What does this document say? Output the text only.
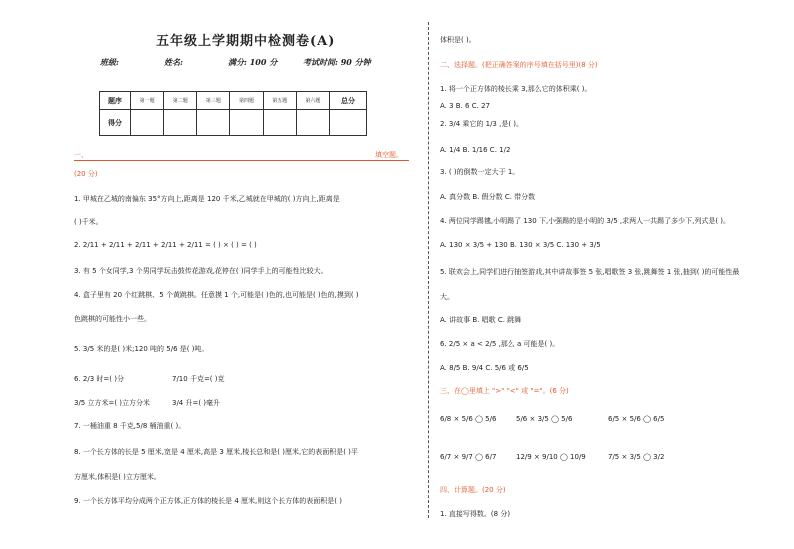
五年级上学期期中检测卷(A)
班级:	姓名:	满分: 100 分	考试时间: 90 分钟
题序	第一题	第二题	第三题	第四题	第五题	第六题	总分
得分							
一、	填空题。
(20 分)
1. 甲城在乙城的南偏东 35°方向上,距离是 120 千米,乙城就在甲城的( )方向上,距离是
( )千米。
2. 2/11 + 2/11 + 2/11 + 2/11 + 2/11 = ( ) × ( ) = ( )
3. 有 5 个女同学,3 个男同学玩击鼓传花游戏,花停在( )同学手上的可能性比较大。
4. 盒子里有 20 个红跳棋、5 个黄跳棋。任意摸 1 个,可能是( )色的,也可能是( )色的,摸到( )
色跳棋的可能性小一些。
5. 3/5 米的是( )米;120 吨的 5/6 是( )吨。
6. 2/3 时=( )分	7/10 千克=( )克
3/5 立方米=( )立方分米	3/4 升=( )毫升
7. 一桶油重 8 千克,5/8 桶油重( )。
8. 一个长方体的长是 5 厘米,宽是 4 厘米,高是 3 厘米,棱长总和是( )厘米,它的表面积是( )平
方厘米,体积是( )立方厘米。
9. 一个长方体平均分成两个正方体,正方体的棱长是 4 厘米,则这个长方体的表面积是( )
体积是( )。
二、选择题。(把正确答案的序号填在括号里)(8 分)
1. 将一个正方体的棱长乘 3,那么它的体积乘( )。
A. 3 B. 6 C. 27
2. 3/4 乘它的 1/3 ,是( )。
A. 1/4 B. 1/16 C. 1/2
3. ( )的倒数一定大于 1。
A. 真分数 B. 假分数 C. 带分数
4. 两位同学踢毽,小明踢了 130 下,小强踢的是小明的 3/5 ,求两人一共踢了多少下,列式是( )。
A. 130 × 3/5 + 130 B. 130 × 3/5 C. 130 + 3/5
5. 联欢会上,同学们进行抽签游戏,其中讲故事签 5 张,唱歌签 3 张,跳舞签 1 张,抽到( )的可能性最
大。
A. 讲故事 B. 唱歌 C. 跳舞
6. 2/5 × a < 2/5 ,那么 a 可能是( )。
A. 8/5 B. 9/4 C. 5/6 或 6/5
三、在◯里填上 ">" "<" 或 "="。(6 分)
6/8 × 5/6 ◯ 5/6	5/6 × 3/5 ◯ 5/6	6/5 × 5/6 ◯ 6/5
6/7 × 9/7 ◯ 6/7	12/9 × 9/10 ◯ 10/9	7/5 × 3/5 ◯ 3/2
四、计算题。(20 分)
1. 直接写得数。(8 分)
